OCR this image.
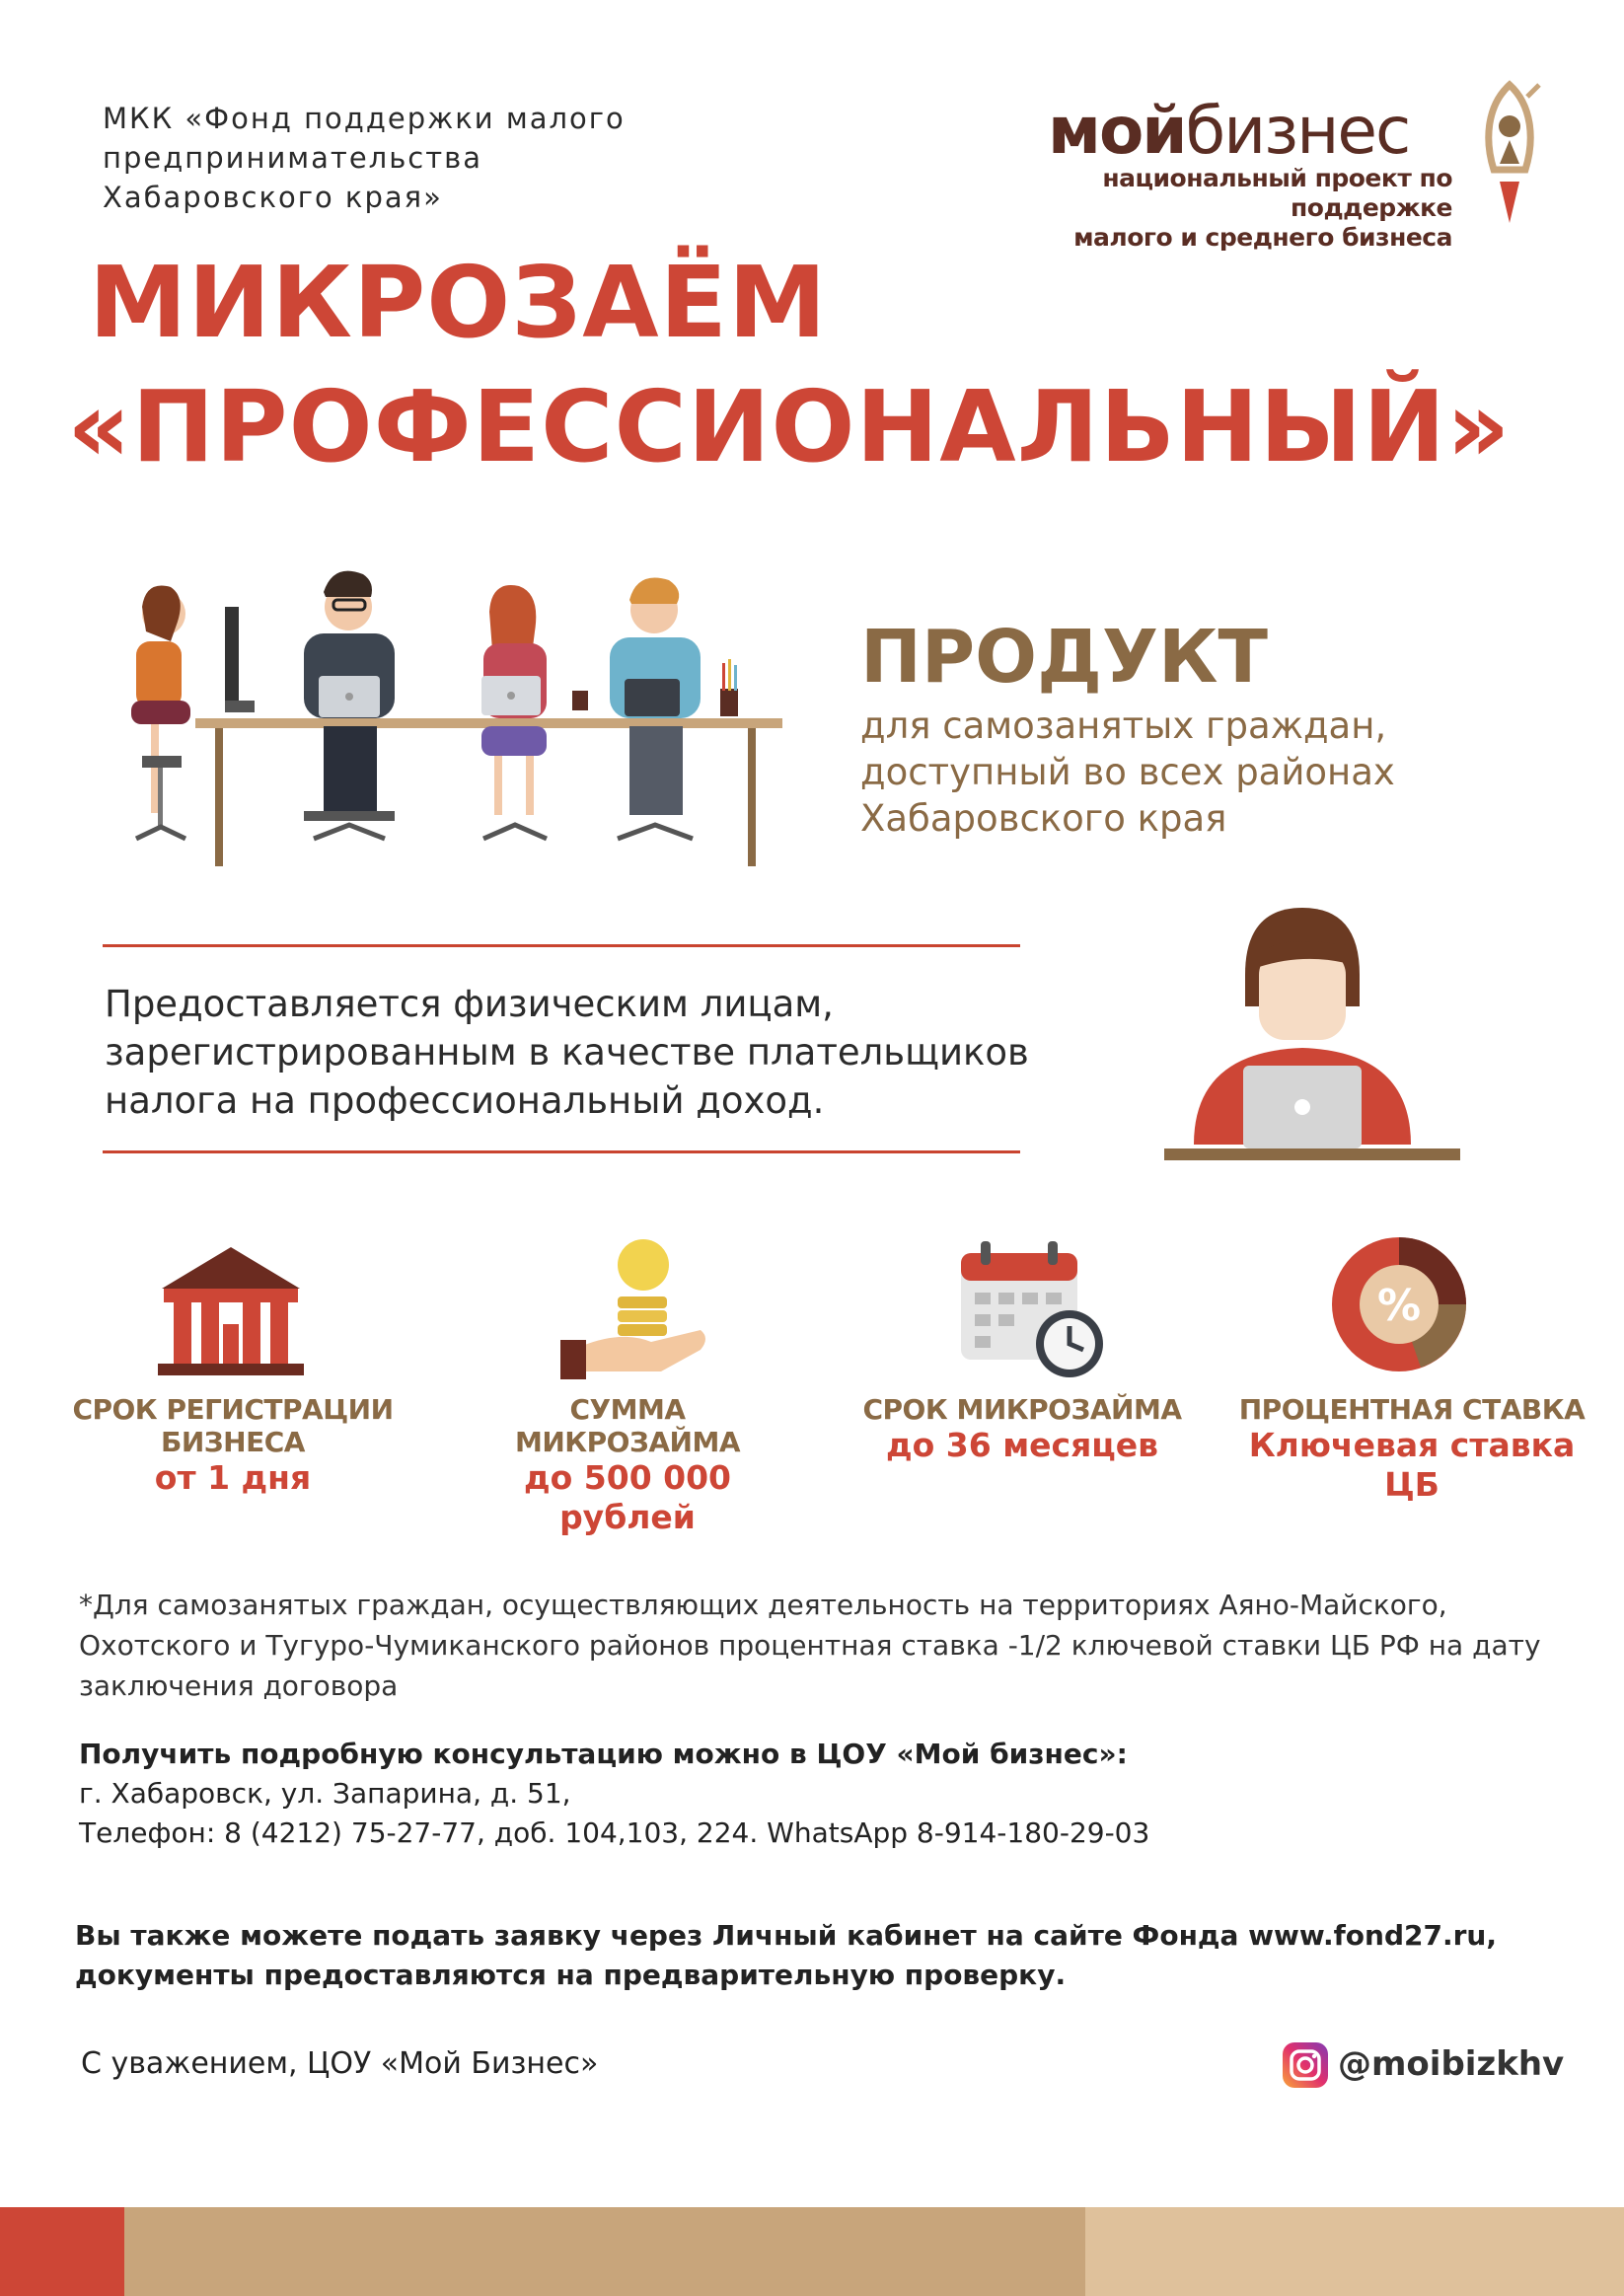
МКК «Фонд поддержки малого предпринимательства Хабаровского края»
мойбизнес
национальный проект по поддержке
малого и среднего бизнеса
МИКРОЗАЁМ
«ПРОФЕССИОНАЛЬНЫЙ»
ПРОДУКТ
для самозанятых граждан, доступный во всех районах Хабаровского края
Предоставляется физическим лицам, зарегистрированным в качестве плательщиков налога на профессиональный доход.
СРОК РЕГИСТРАЦИИ БИЗНЕСА
от 1 дня
СУММА МИКРОЗАЙМА
до 500 000 рублей
СРОК МИКРОЗАЙМА
до 36 месяцев
%
ПРОЦЕНТНАЯ СТАВКА
Ключевая ставка ЦБ
*Для самозанятых граждан, осуществляющих деятельность на территориях Аяно-Майского, Охотского и Тугуро-Чумиканского районов процентная ставка -1/2 ключевой ставки ЦБ РФ на дату заключения договора
Получить подробную консультацию можно в ЦОУ «Мой бизнес»:
г. Хабаровск, ул. Запарина, д. 51,
Телефон: 8 (4212) 75-27-77, доб. 104,103, 224. WhatsApp 8-914-180-29-03
Вы также можете подать заявку через Личный кабинет на сайте Фонда www.fond27.ru, документы предоставляются на предварительную проверку.
С уважением, ЦОУ «Мой Бизнес»	@moibizkhv
